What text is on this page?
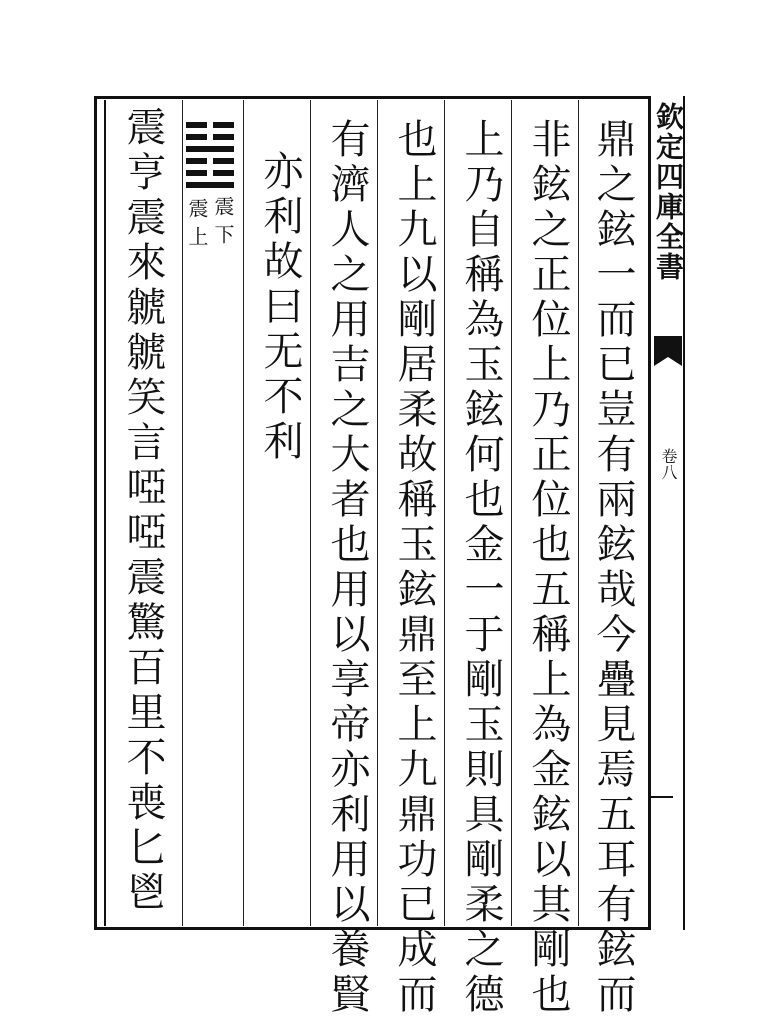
欽定四庫全書
卷八
鼎之鉉一而已豈有兩鉉哉今疊見焉五耳有鉉而
非鉉之正位上乃正位也五稱上為金鉉以其剛也
上乃自稱為玉鉉何也金一于剛玉則具剛柔之德
也上九以剛居柔故稱玉鉉鼎至上九鼎功已成而
有濟人之用吉之大者也用以享帝亦利用以養賢
亦利故曰无不利
震下
震上
震亨震來虩虩笑言啞啞震驚百里不喪匕鬯
